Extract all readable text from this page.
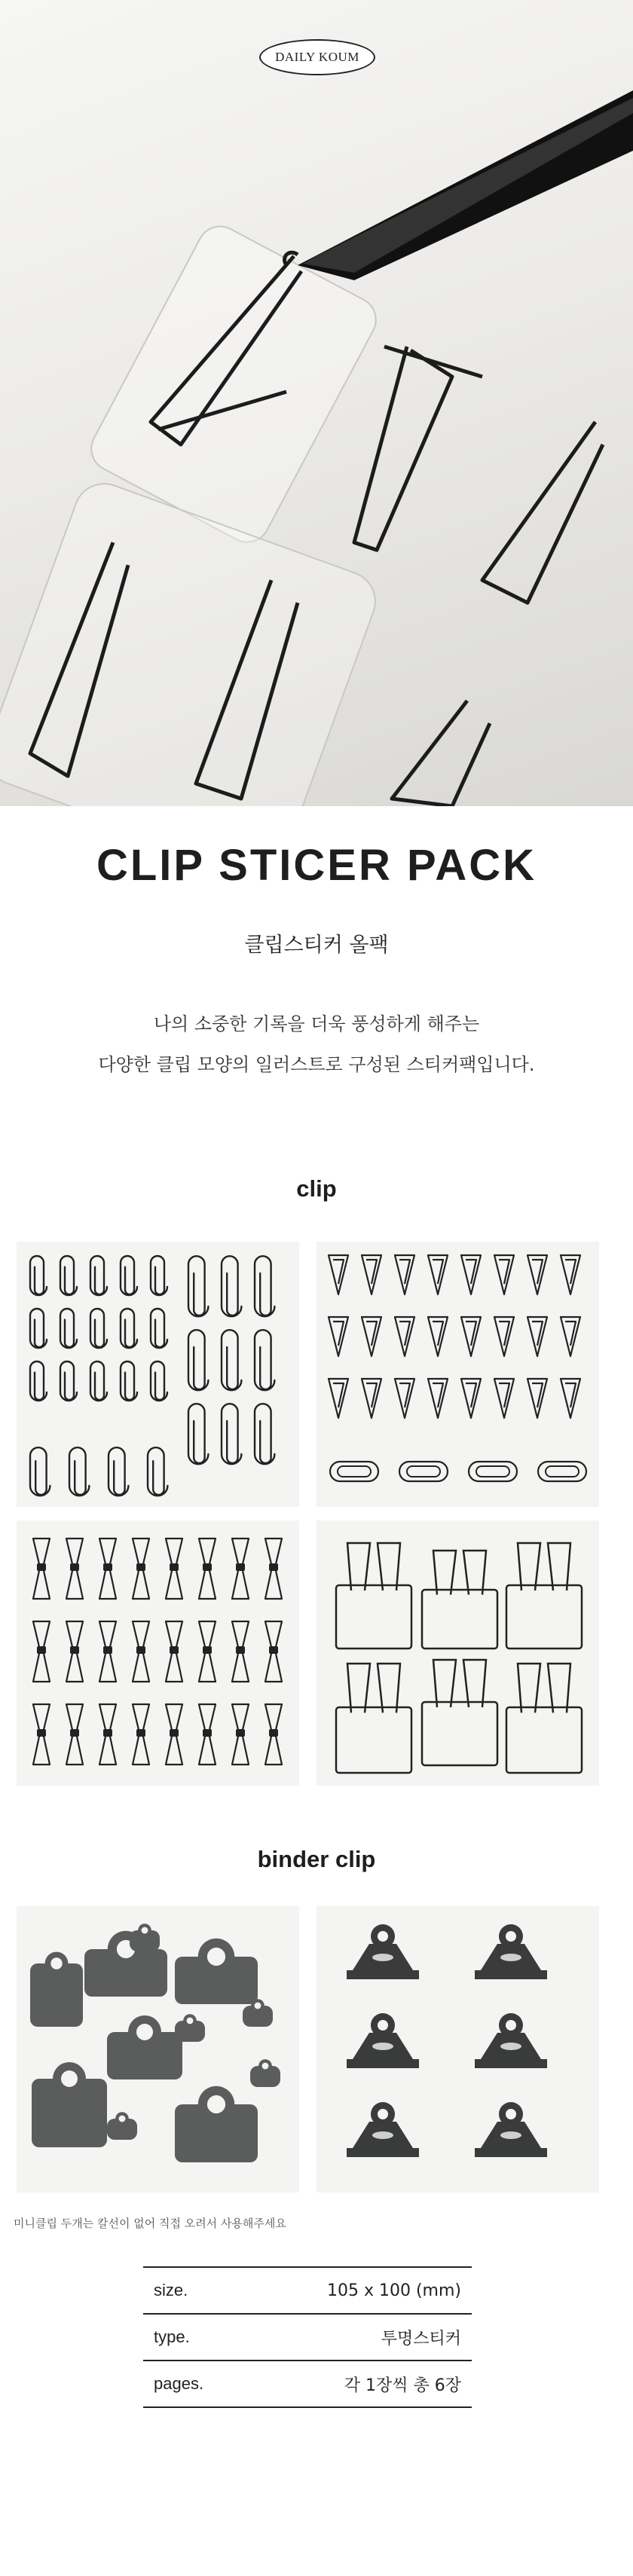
DAILY KOUM
CLIP STICER PACK
클립스티커 올팩
나의 소중한 기록을 더욱 풍성하게 해주는
다양한 클립 모양의 일러스트로 구성된 스티커팩입니다.
clip
binder clip
미니클립 두개는 칼선이 없어 직접 오려서 사용해주세요
size.	105 x 100 (mm)
type.	투명스티커
pages.	각 1장씩 총 6장
